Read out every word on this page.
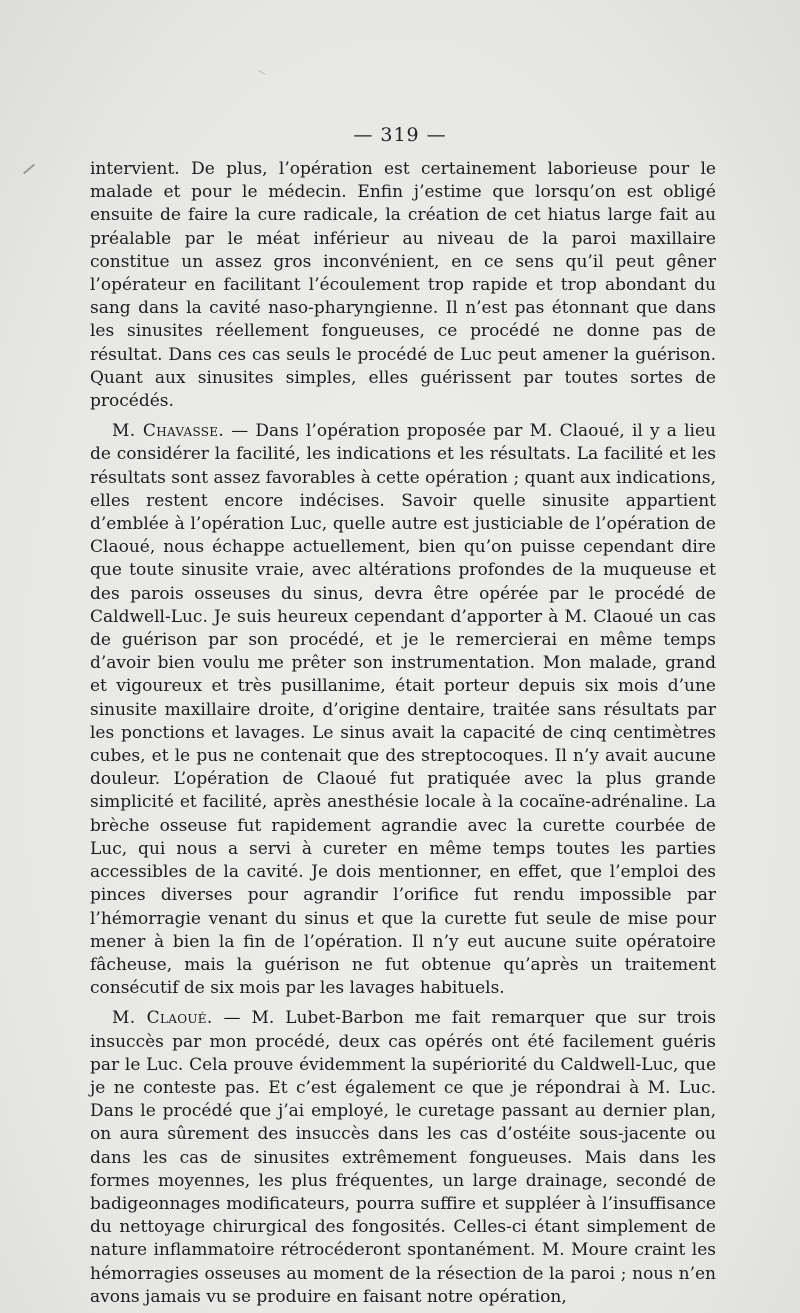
— 319 —

intervient. De plus, l’opération est certainement laborieuse pour le malade et pour le médecin. Enfin j’estime que lorsqu’on est obligé ensuite de faire la cure radicale, la création de cet hiatus large fait au préalable par le méat inférieur au niveau de la paroi maxillaire constitue un assez gros inconvénient, en ce sens qu’il peut gêner l’opérateur en facilitant l’écoulement trop rapide et trop abondant du sang dans la cavité naso-pharyngienne. Il n’est pas étonnant que dans les sinusites réellement fongueuses, ce procédé ne donne pas de résultat. Dans ces cas seuls le procédé de Luc peut amener la guérison. Quant aux sinusites simples, elles guérissent par toutes sortes de procédés.

M. Chavasse. — Dans l’opération proposée par M. Claoué, il y a lieu de considérer la facilité, les indications et les résultats. La facilité et les résultats sont assez favorables à cette opération ; quant aux indications, elles restent encore indécises. Savoir quelle sinusite appartient d’emblée à l’opération Luc, quelle autre est justiciable de l’opération de Claoué, nous échappe actuellement, bien qu’on puisse cependant dire que toute sinusite vraie, avec altérations profondes de la muqueuse et des parois osseuses du sinus, devra être opérée par le procédé de Caldwell-Luc. Je suis heureux cependant d’apporter à M. Claoué un cas de guérison par son procédé, et je le remercierai en même temps d’avoir bien voulu me prêter son instrumentation. Mon malade, grand et vigoureux et très pusillanime, était porteur depuis six mois d’une sinusite maxillaire droite, d’origine dentaire, traitée sans résultats par les ponctions et lavages. Le sinus avait la capacité de cinq centimètres cubes, et le pus ne contenait que des streptocoques. Il n’y avait aucune douleur. L’opération de Claoué fut pratiquée avec la plus grande simplicité et facilité, après anesthésie locale à la cocaïne-adrénaline. La brèche osseuse fut rapidement agrandie avec la curette courbée de Luc, qui nous a servi à cureter en même temps toutes les parties accessibles de la cavité. Je dois mentionner, en effet, que l’emploi des pinces diverses pour agrandir l’orifice fut rendu impossible par l’hémorragie venant du sinus et que la curette fut seule de mise pour mener à bien la fin de l’opération. Il n’y eut aucune suite opératoire fâcheuse, mais la guérison ne fut obtenue qu’après un traitement consécutif de six mois par les lavages habituels.

M. Claoué. — M. Lubet-Barbon me fait remarquer que sur trois insuccès par mon procédé, deux cas opérés ont été facilement guéris par le Luc. Cela prouve évidemment la supériorité du Caldwell-Luc, que je ne conteste pas. Et c’est également ce que je répondrai à M. Luc. Dans le procédé que j’ai employé, le curetage passant au dernier plan, on aura sûrement des insuccès dans les cas d’ostéite sous-jacente ou dans les cas de sinusites extrêmement fongueuses. Mais dans les formes moyennes, les plus fréquentes, un large drainage, secondé de badigeonnages modificateurs, pourra suffire et suppléer à l’insuffisance du nettoyage chirurgical des fongosités. Celles-ci étant simplement de nature inflammatoire rétrocéderont spontanément. M. Moure craint les hémorragies osseuses au moment de la résection de la paroi ; nous n’en avons jamais vu se produire en faisant notre opération,
